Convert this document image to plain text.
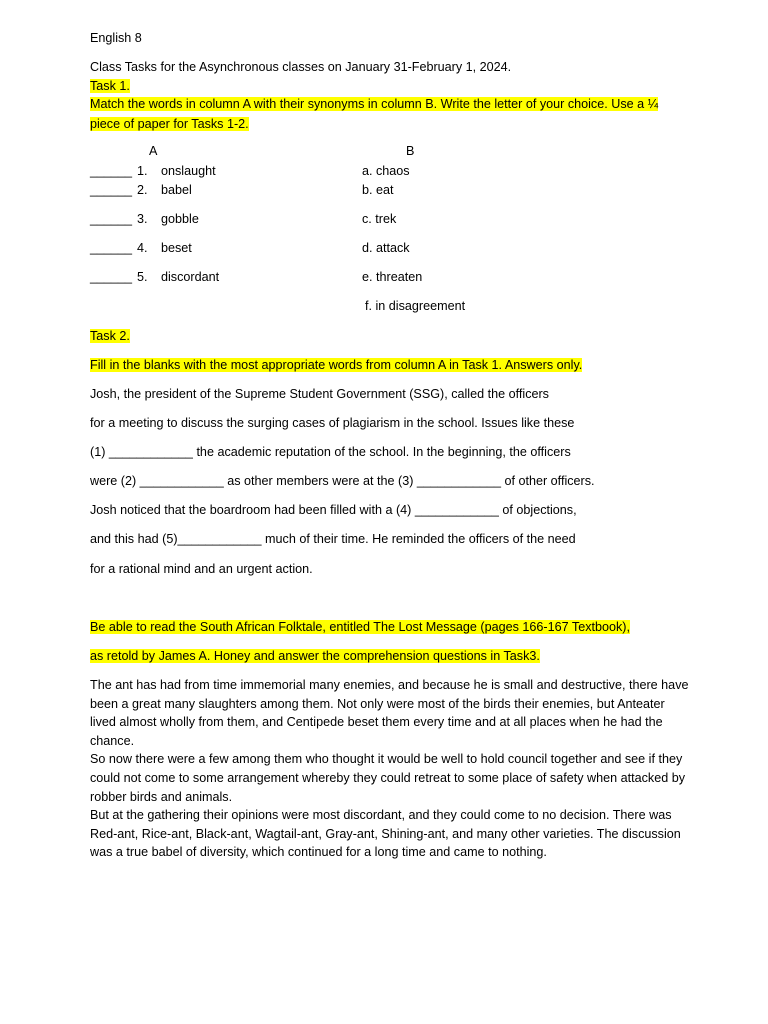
English 8
Class Tasks for the Asynchronous classes on January 31-February 1, 2024.
Task 1.
Match the words in column A with their synonyms in column B. Write the letter of your choice. Use a ¼
piece of paper for Tasks 1-2.
A	B
______ 1. onslaught	a. chaos
______ 2. babel	b. eat
______ 3. gobble	c. trek
______ 4. beset	d. attack
______ 5. discordant	e. threaten
f. in disagreement
Task 2.
Fill in the blanks with the most appropriate words from column A in Task 1. Answers only.
Josh, the president of the Supreme Student Government (SSG), called the officers
for a meeting to discuss the surging cases of plagiarism in the school. Issues like these
(1) ____________ the academic reputation of the school. In the beginning, the officers
were (2) ____________ as other members were at the (3) ____________ of other officers.
Josh noticed that the boardroom had been filled with a (4) ____________ of objections,
and this had (5)____________ much of their time. He reminded the officers of the need
for a rational mind and an urgent action.
Be able to read the South African Folktale, entitled The Lost Message (pages 166-167 Textbook),
as retold by James A. Honey and answer the comprehension questions in Task3.

The ant has had from time immemorial many enemies, and because he is small and destructive, there have been a great many slaughters among them. Not only were most of the birds their enemies, but Anteater lived almost wholly from them, and Centipede beset them every time and at all places when he had the chance.

So now there were a few among them who thought it would be well to hold council together and see if they could not come to some arrangement whereby they could retreat to some place of safety when attacked by robber birds and animals.

But at the gathering their opinions were most discordant, and they could come to no decision. There was Red-ant, Rice-ant, Black-ant, Wagtail-ant, Gray-ant, Shining-ant, and many other varieties. The discussion was a true babel of diversity, which continued for a long time and came to nothing.
